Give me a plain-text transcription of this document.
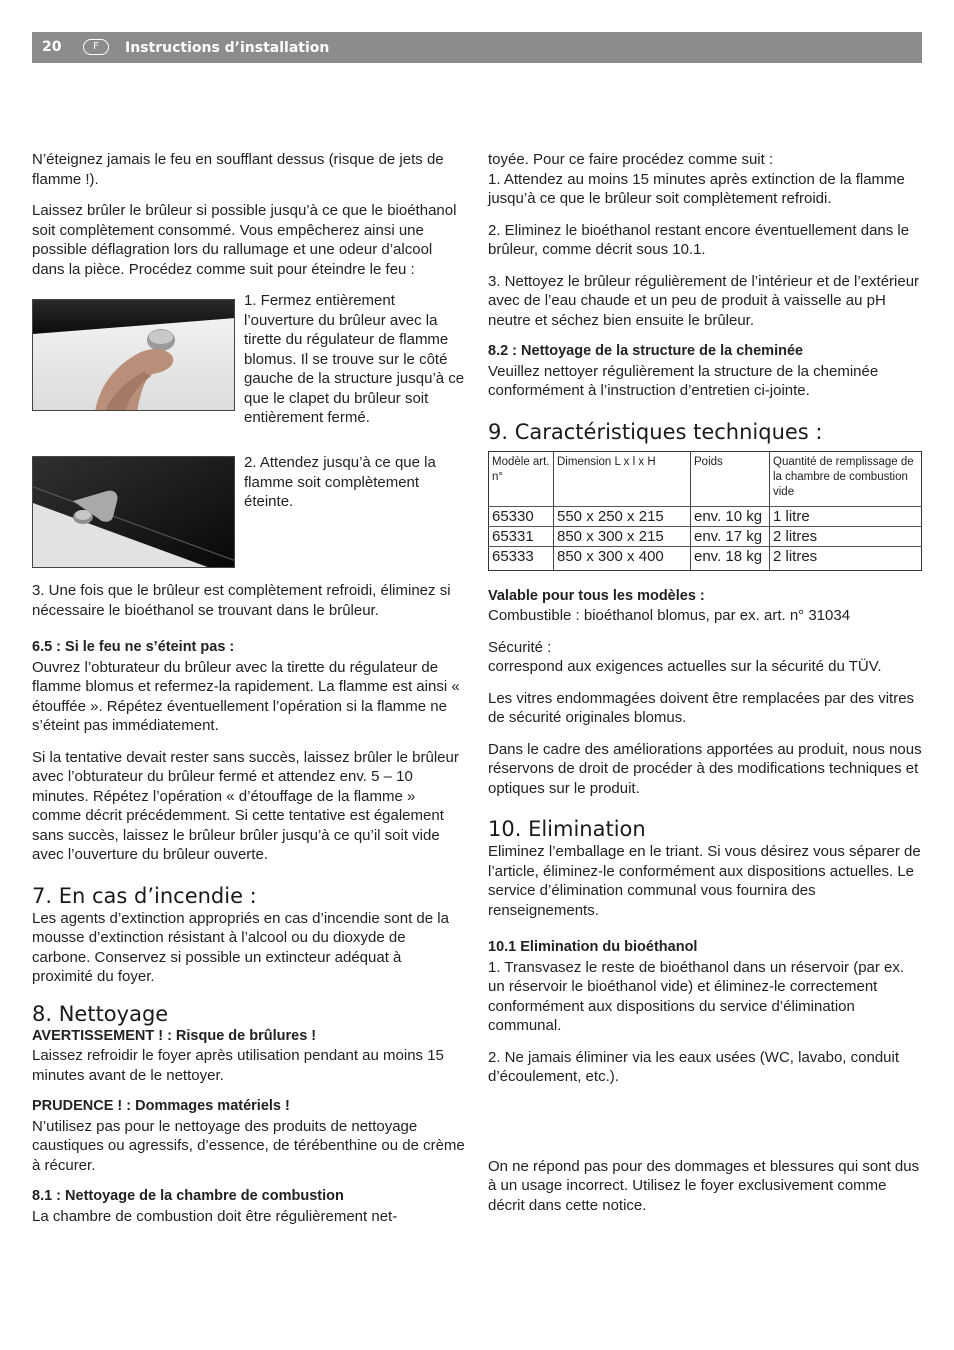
20	F	Instructions d’installation

N’éteignez jamais le feu en soufflant dessus (risque de jets de flamme !).

Laissez brûler le brûleur si possible jusqu’à ce que le bioéthanol soit complètement consommé. Vous empêcherez ainsi une possible déflagration lors du rallumage et une odeur d’alcool dans la pièce. Procédez comme suit pour éteindre le feu :

1. Fermez entièrement l’ouverture du brûleur avec la tirette du régulateur de flamme blomus. Il se trouve sur le côté gauche de la structure jusqu’à ce que le clapet du brûleur soit entièrement fermé.
2. Attendez jusqu’à ce que la flamme soit complètement éteinte.

3. Une fois que le brûleur est complètement refroidi, éliminez si nécessaire le bioéthanol se trouvant dans le brûleur.

6.5 : Si le feu ne s’éteint pas :

Ouvrez l’obturateur du brûleur avec la tirette du régulateur de flamme blomus et refermez-la rapidement. La flamme est ainsi « étouffée ». Répétez éventuellement l’opération si la flamme ne s’éteint pas immédiatement.

Si la tentative devait rester sans succès, laissez brûler le brûleur avec l’obturateur du brûleur fermé et attendez env. 5 – 10 minutes. Répétez l’opération « d’étouffage de la flamme » comme décrit précédemment. Si cette tentative est également sans succès, laissez le brûleur brûler jusqu’à ce qu’il soit vide avec l’ouverture du brûleur ouverte.

7. En cas d’incendie :

Les agents d’extinction appropriés en cas d’incendie sont de la mousse d’extinction résistant à l’alcool ou du dioxyde de carbone. Conservez si possible un extincteur adéquat à proximité du foyer.

8. Nettoyage

AVERTISSEMENT ! : Risque de brûlures !

Laissez refroidir le foyer après utilisation pendant au moins 15 minutes avant de le nettoyer.

PRUDENCE ! : Dommages matériels !

N’utilisez pas pour le nettoyage des produits de nettoyage caustiques ou agressifs, d’essence, de térébenthine ou de crème à récurer.

8.1 : Nettoyage de la chambre de combustion

La chambre de combustion doit être régulièrement net-

toyée. Pour ce faire procédez comme suit :

1. Attendez au moins 15 minutes après extinction de la flamme jusqu’à ce que le brûleur soit complètement refroidi.

2. Eliminez le bioéthanol restant encore éventuellement dans le brûleur, comme décrit sous 10.1.

3. Nettoyez le brûleur régulièrement de l’intérieur et de l’extérieur avec de l’eau chaude et un peu de produit à vaisselle au pH neutre et séchez bien ensuite le brûleur.

8.2 : Nettoyage de la structure de la cheminée

Veuillez nettoyer régulièrement la structure de la cheminée conformément à l’instruction d’entretien ci-jointe.

9. Caractéristiques techniques :
Modèle art. n°	Dimension L x l x H	Poids	Quantité de remplissage de la chambre de combustion vide
65330	550 x 250 x 215	env. 10 kg	1 litre
65331	850 x 300 x 215	env. 17 kg	2 litres
65333	850 x 300 x 400	env. 18 kg	2 litres

Valable pour tous les modèles :

Combustible : bioéthanol blomus, par ex. art. n° 31034

Sécurité :

correspond aux exigences actuelles sur la sécurité du TÜV.

Les vitres endommagées doivent être remplacées par des vitres de sécurité originales blomus.

Dans le cadre des améliorations apportées au produit, nous nous réservons de droit de procéder à des modifications techniques et optiques sur le produit.

10. Elimination

Eliminez l’emballage en le triant. Si vous désirez vous séparer de l’article, éliminez-le conformément aux dispositions actuelles. Le service d’élimination communal vous fournira des renseignements.

10.1 Elimination du bioéthanol

1. Transvasez le reste de bioéthanol dans un réservoir (par ex. un réservoir le bioéthanol vide) et éliminez-le correctement conformément aux dispositions du service d’élimination communal.

2. Ne jamais éliminer via les eaux usées (WC, lavabo, conduit d’écoulement, etc.).

On ne répond pas pour des dommages et blessures qui sont dus à un usage incorrect. Utilisez le foyer exclusivement comme décrit dans cette notice.
